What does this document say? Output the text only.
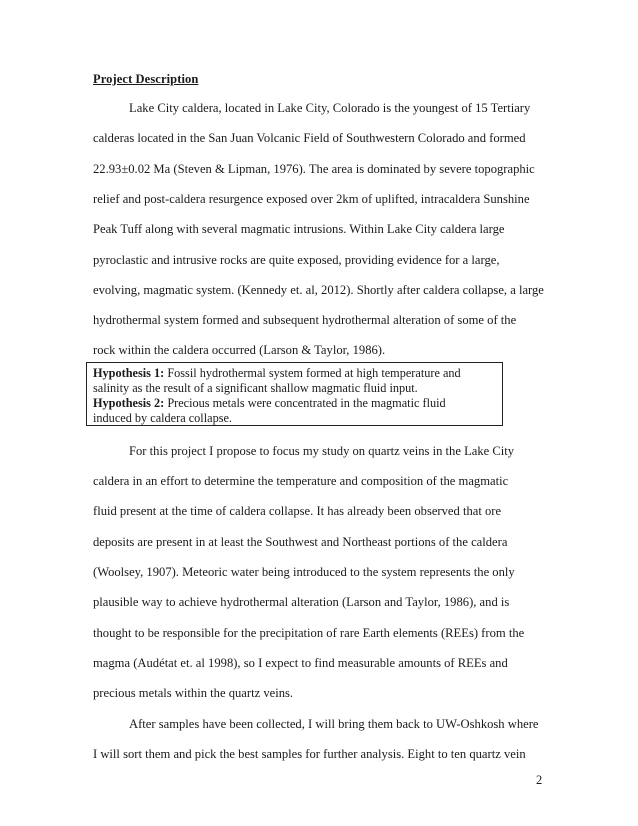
Project Description
Lake City caldera, located in Lake City, Colorado is the youngest of 15 Tertiary
calderas located in the San Juan Volcanic Field of Southwestern Colorado and formed
22.93±0.02 Ma (Steven & Lipman, 1976). The area is dominated by severe topographic
relief and post-caldera resurgence exposed over 2km of uplifted, intracaldera Sunshine
Peak Tuff along with several magmatic intrusions. Within Lake City caldera large
pyroclastic and intrusive rocks are quite exposed, providing evidence for a large,
evolving, magmatic system. (Kennedy et. al, 2012). Shortly after caldera collapse, a large
hydrothermal system formed and subsequent hydrothermal alteration of some of the
rock within the caldera occurred (Larson & Taylor, 1986).
Hypothesis 1: Fossil hydrothermal system formed at high temperature and
salinity as the result of a significant shallow magmatic fluid input.
Hypothesis 2: Precious metals were concentrated in the magmatic fluid
induced by caldera collapse.
For this project I propose to focus my study on quartz veins in the Lake City
caldera in an effort to determine the temperature and composition of the magmatic
fluid present at the time of caldera collapse. It has already been observed that ore
deposits are present in at least the Southwest and Northeast portions of the caldera
(Woolsey, 1907). Meteoric water being introduced to the system represents the only
plausible way to achieve hydrothermal alteration (Larson and Taylor, 1986), and is
thought to be responsible for the precipitation of rare Earth elements (REEs) from the
magma (Audétat et. al 1998), so I expect to find measurable amounts of REEs and
precious metals within the quartz veins.
After samples have been collected, I will bring them back to UW-Oshkosh where
I will sort them and pick the best samples for further analysis. Eight to ten quartz vein
2
